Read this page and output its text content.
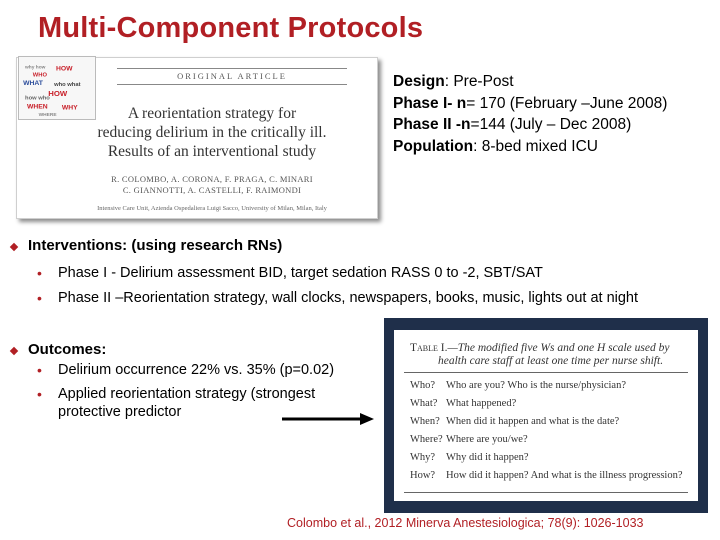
Multi-Component Protocols
ORIGINAL ARTICLE
A reorientation strategy for
reducing delirium in the critically ill.
Results of an interventional study
R. COLOMBO, A. CORONA, F. PRAGA, C. MINARI
C. GIANNOTTI, A. CASTELLI, F. RAIMONDI
Intensive Care Unit, Azienda Ospedaliera Luigi Sacco, University of Milan, Milan, Italy
why how HOW
WHO
WHAT who what
HOW
how who
WHEN WHY
WHERE
Design: Pre-Post
Phase I- n= 170 (February –June 2008)
Phase II -n=144 (July – Dec 2008)
Population: 8-bed mixed ICU
Interventions: (using research RNs)
• Phase I - Delirium assessment BID, target sedation RASS 0 to -2, SBT/SAT
• Phase II –Reorientation strategy, wall clocks, newspapers, books, music, lights out at night
Outcomes:
• Delirium occurrence 22% vs. 35% (p=0.02)
• Applied reorientation strategy (strongest
protective predictor
Table I.—The modified five Ws and one H scale used by
health care staff at least one time per nurse shift.
Who? Who are you? Who is the nurse/physician?
What? What happened?
When? When did it happen and what is the date?
Where? Where are you/we?
Why? Why did it happen?
How? How did it happen? And what is the illness progression?
Colombo et al., 2012 Minerva Anestesiologica; 78(9): 1026-1033
